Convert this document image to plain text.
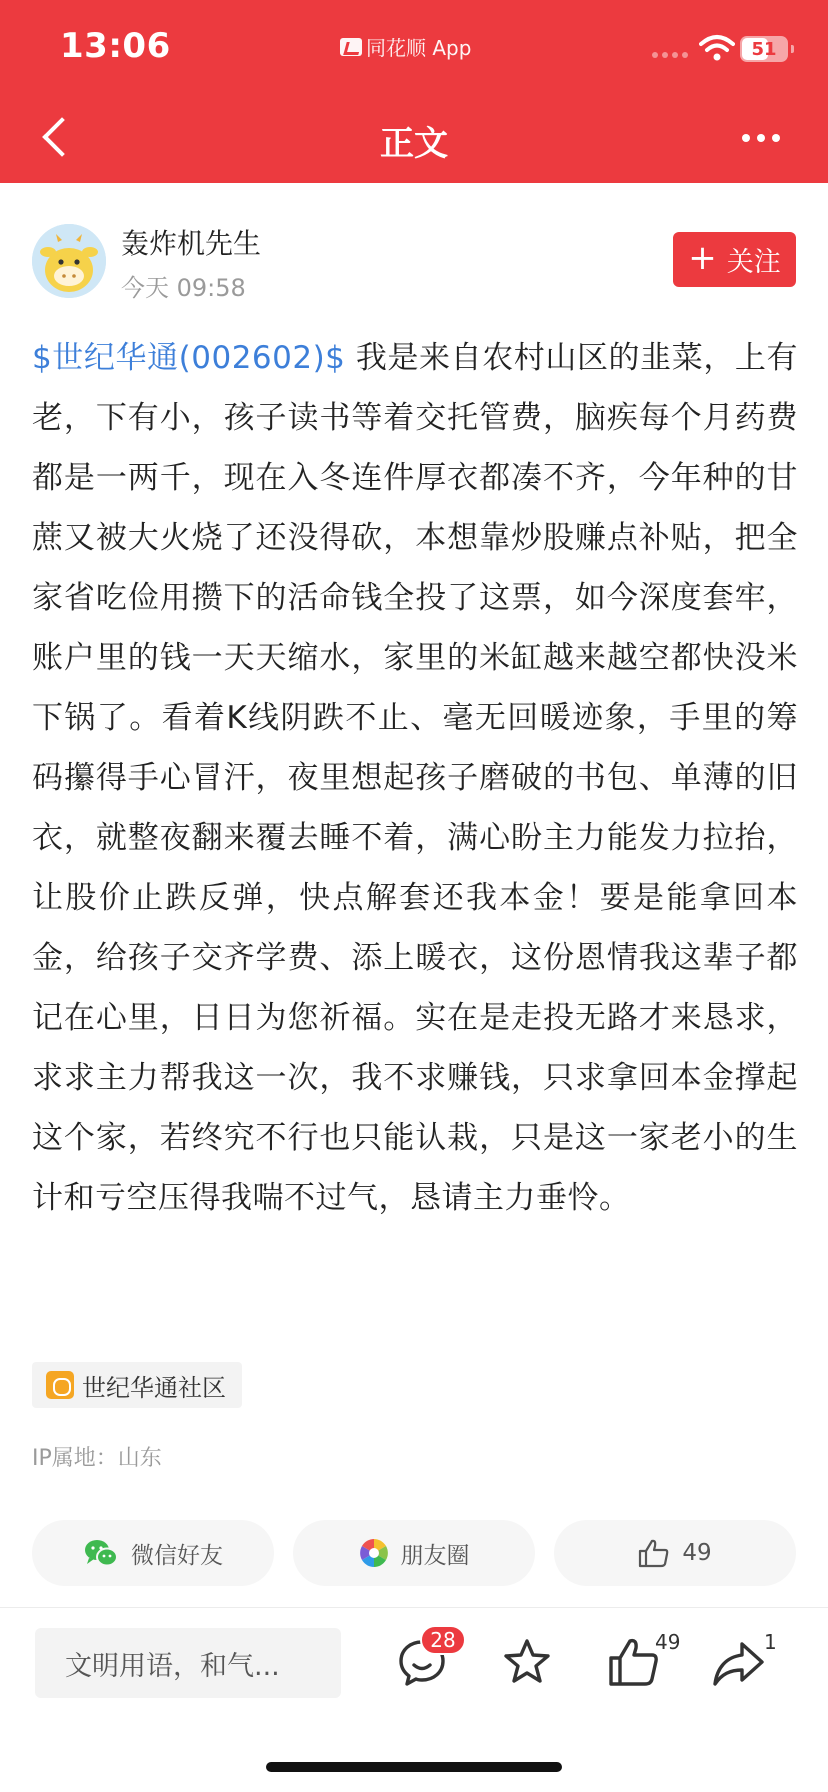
13:06	同花顺 App	51
正文
轰炸机先生
今天 09:58
+ 关注
$世纪华通(002602)$ 我是来自农村山区的韭菜，上有老，下有小，孩子读书等着交托管费，脑疾每个月药费都是一两千，现在入冬连件厚衣都凑不齐，今年种的甘蔗又被大火烧了还没得砍，本想靠炒股赚点补贴，把全家省吃俭用攒下的活命钱全投了这票，如今深度套牢，账户里的钱一天天缩水，家里的米缸越来越空都快没米下锅了。看着K线阴跌不止、毫无回暖迹象，手里的筹码攥得手心冒汗，夜里想起孩子磨破的书包、单薄的旧衣，就整夜翻来覆去睡不着，满心盼主力能发力拉抬，让股价止跌反弹，快点解套还我本金！要是能拿回本金，给孩子交齐学费、添上暖衣，这份恩情我这辈子都记在心里，日日为您祈福。实在是走投无路才来恳求，求求主力帮我这一次，我不求赚钱，只求拿回本金撑起这个家，若终究不行也只能认栽，只是这一家老小的生计和亏空压得我喘不过气，恳请主力垂怜。
世纪华通社区
IP属地：山东
微信好友	朋友圈	49
文明用语，和气...
28	49	1
